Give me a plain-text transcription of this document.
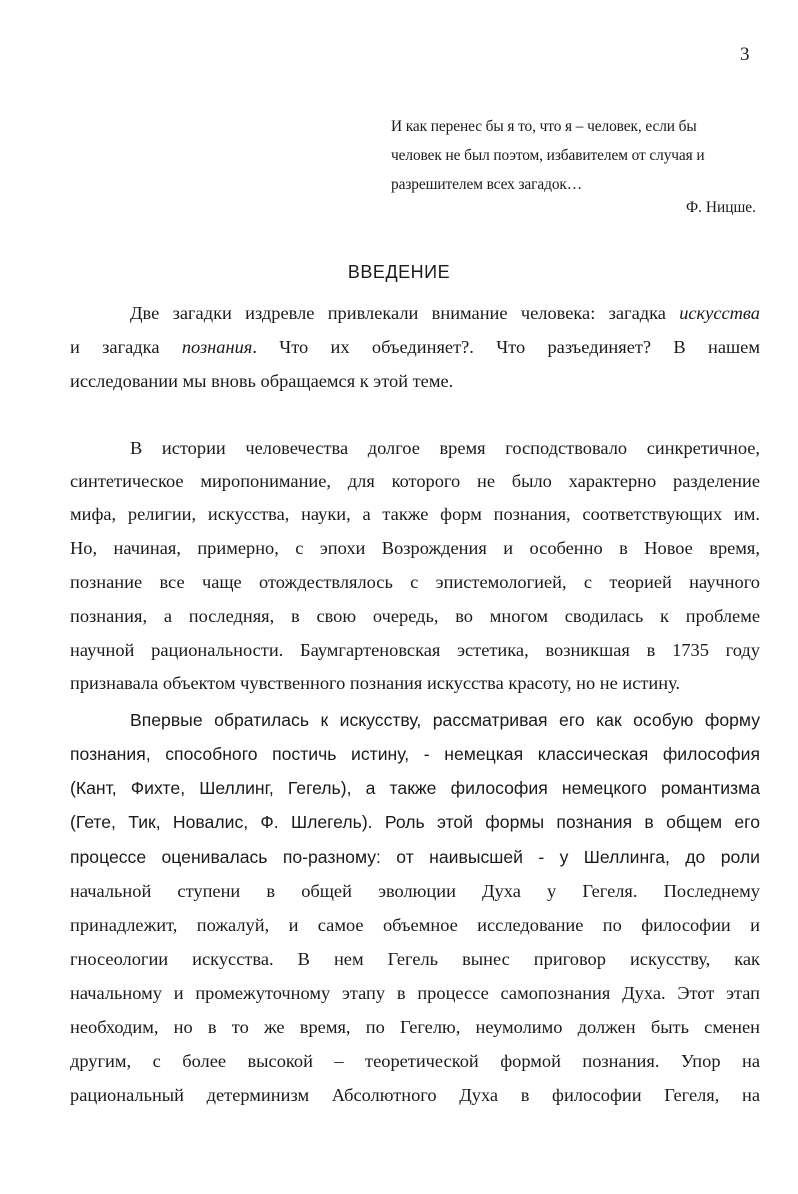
3
И как перенес бы я то, что я – человек, если бы
человек не был поэтом, избавителем от случая и
разрешителем всех загадок…
Ф. Ницше.
ВВЕДЕНИЕ
Две загадки издревле привлекали внимание человека: загадка искусства
и загадка познания. Что их объединяет?. Что разъединяет? В нашем
исследовании мы вновь обращаемся к этой теме.
В истории человечества долгое время господствовало синкретичное,
синтетическое миропонимание, для которого не было характерно разделение
мифа, религии, искусства, науки, а также форм познания, соответствующих им.
Но, начиная, примерно, с эпохи Возрождения и особенно в Новое время,
познание все чаще отождествлялось с эпистемологией, с теорией научного
познания, а последняя, в свою очередь, во многом сводилась к проблеме
научной рациональности. Баумгартеновская эстетика, возникшая в 1735 году
признавала объектом чувственного познания искусства красоту, но не истину.
Впервые обратилась к искусству, рассматривая его как особую форму
познания, способного постичь истину, - немецкая классическая философия
(Кант, Фихте, Шеллинг, Гегель), а также философия немецкого романтизма
(Гете, Тик, Новалис, Ф. Шлегель). Роль этой формы познания в общем его
процессе оценивалась по-разному: от наивысшей - у Шеллинга, до роли
начальной ступени в общей эволюции Духа у Гегеля. Последнему
принадлежит, пожалуй, и самое объемное исследование по философии и
гносеологии искусства. В нем Гегель вынес приговор искусству, как
начальному и промежуточному этапу в процессе самопознания Духа. Этот этап
необходим, но в то же время, по Гегелю, неумолимо должен быть сменен
другим, с более высокой – теоретической формой познания. Упор на
рациональный детерминизм Абсолютного Духа в философии Гегеля, на
